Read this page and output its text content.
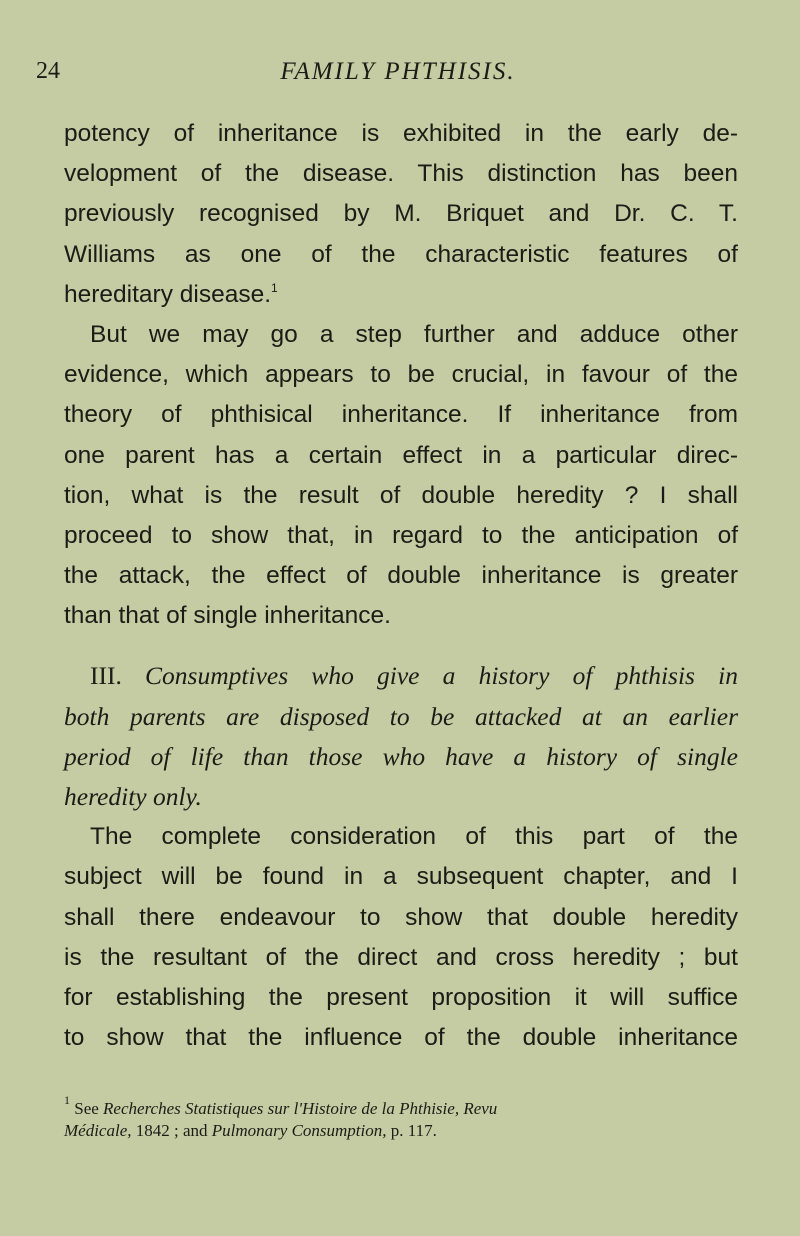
24	FAMILY PHTHISIS.
potency of inheritance is exhibited in the early de-
velopment of the disease. This distinction has been
previously recognised by M. Briquet and Dr. C. T.
Williams as one of the characteristic features of
hereditary disease.$^1$
But we may go a step further and adduce other
evidence, which appears to be crucial, in favour of the
theory of phthisical inheritance. If inheritance from
one parent has a certain effect in a particular direc-
tion, what is the result of double heredity ? I shall
proceed to show that, in regard to the anticipation of
the attack, the effect of double inheritance is greater
than that of single inheritance.
III. Consumptives who give a history of phthisis in
both parents are disposed to be attacked at an earlier
period of life than those who have a history of single
heredity only.
The complete consideration of this part of the
subject will be found in a subsequent chapter, and I
shall there endeavour to show that double heredity
is the resultant of the direct and cross heredity ; but
for establishing the present proposition it will suffice
to show that the influence of the double inheritance
$^1$ See Recherches Statistiques sur l'Histoire de la Phthisie, Revu
Médicale, 1842 ; and Pulmonary Consumption, p. 117.
